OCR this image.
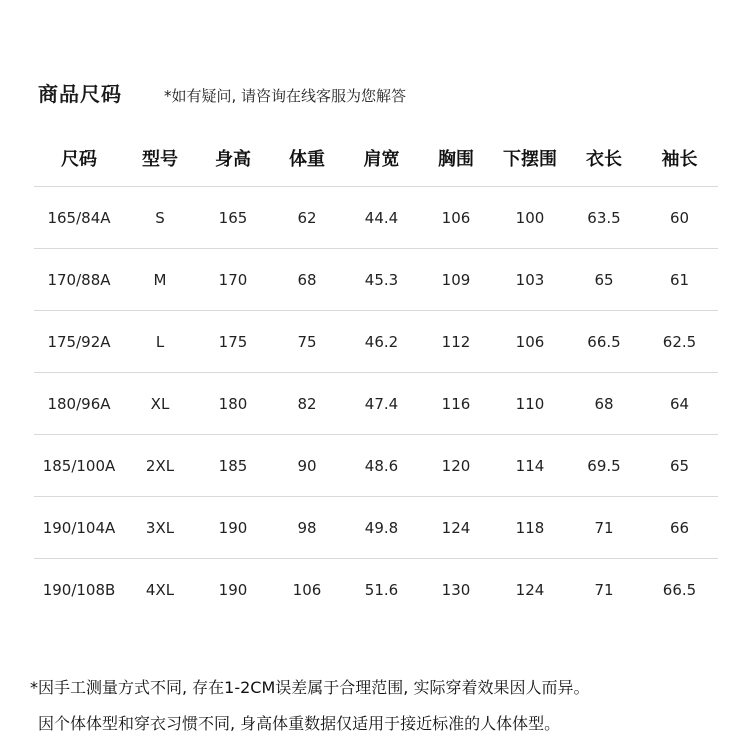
商品尺码	*如有疑问, 请咨询在线客服为您解答
尺码	型号	身高	体重	肩宽	胸围	下摆围	衣长	袖长
165/84A	S	165	62	44.4	106	100	63.5	60
170/88A	M	170	68	45.3	109	103	65	61
175/92A	L	175	75	46.2	112	106	66.5	62.5
180/96A	XL	180	82	47.4	116	110	68	64
185/100A	2XL	185	90	48.6	120	114	69.5	65
190/104A	3XL	190	98	49.8	124	118	71	66
190/108B	4XL	190	106	51.6	130	124	71	66.5
*因手工测量方式不同, 存在1-2CM误差属于合理范围, 实际穿着效果因人而异。
因个体体型和穿衣习惯不同, 身高体重数据仅适用于接近标准的人体体型。
